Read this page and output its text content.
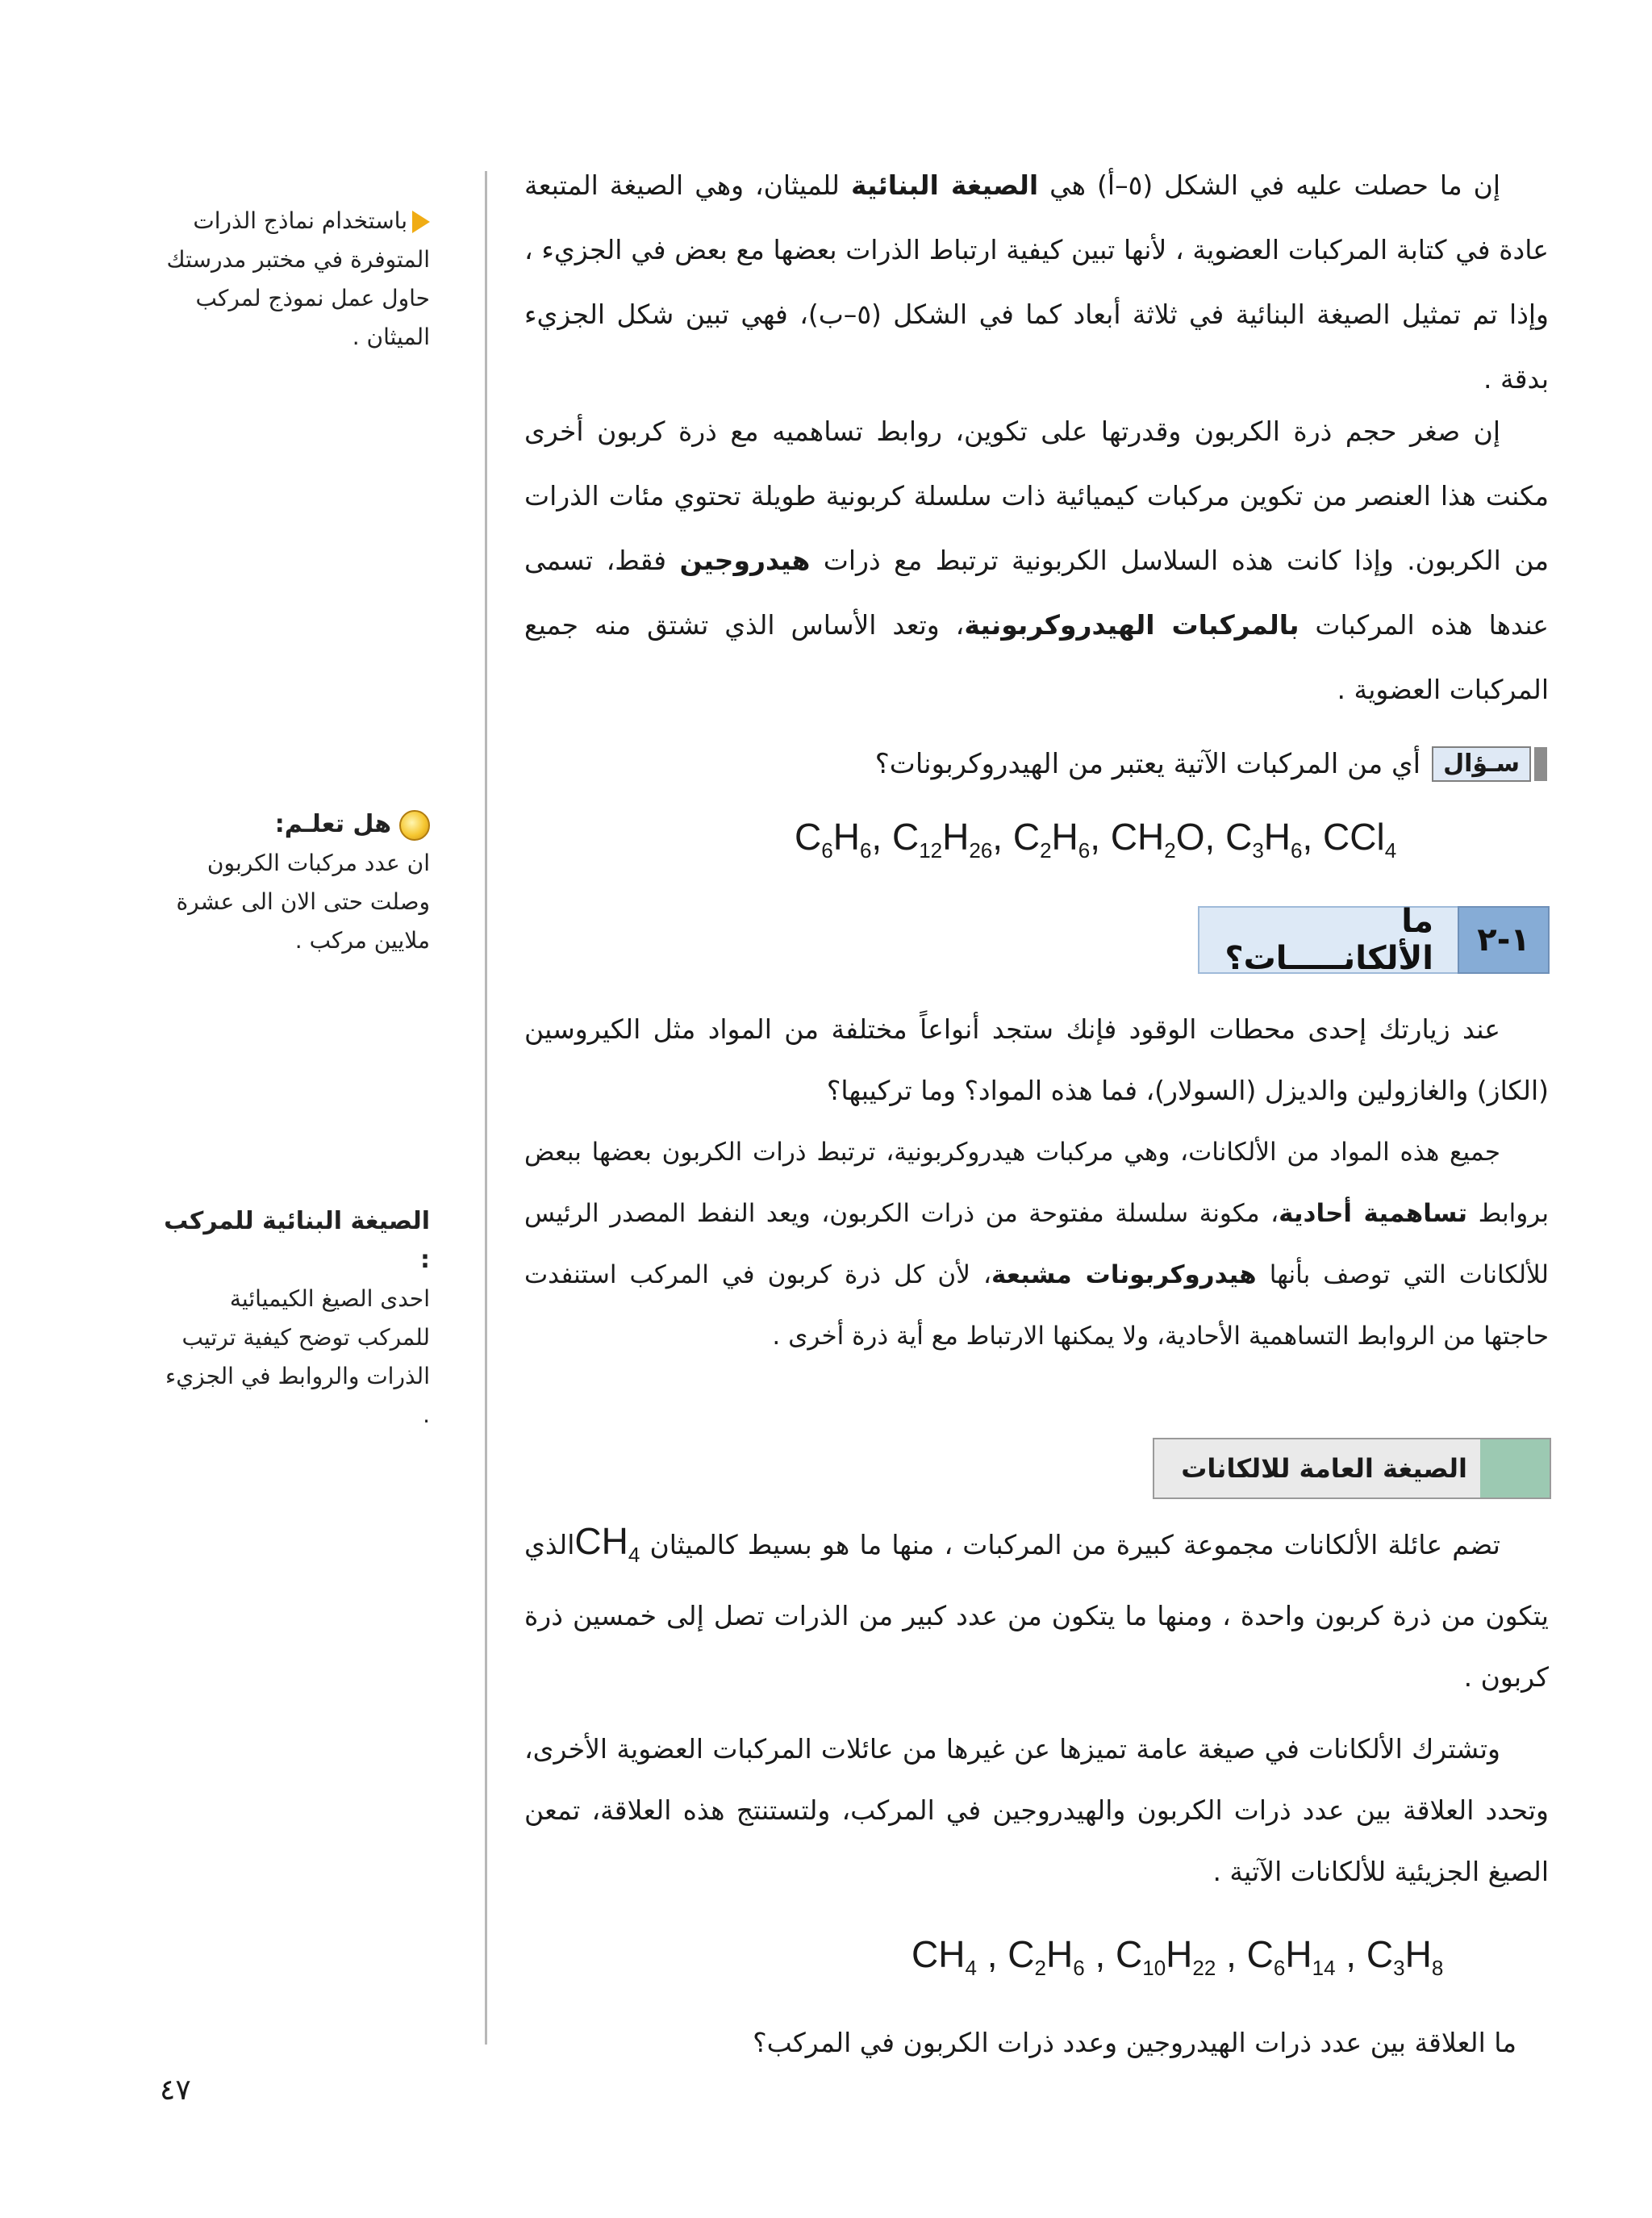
باستخدام نماذج الذرات المتوفرة في مختبر مدرستك حاول عمل نموذج لمركب الميثان .
هل تعلـم:
ان عدد مركبات الكربون وصلت حتى الان الى عشرة ملايين مركب .
الصيغة البنائية للمركب :
احدى الصيغ الكيميائية للمركب توضح كيفية ترتيب الذرات والروابط في الجزيء .

إن ما حصلت عليه في الشكل (٥–أ) هي الصيغة البنائية للميثان، وهي الصيغة المتبعة عادة في كتابة المركبات العضوية ، لأنها تبين كيفية ارتباط الذرات بعضها مع بعض في الجزيء ، وإذا تم تمثيل الصيغة البنائية في ثلاثة أبعاد كما في الشكل (٥–ب)، فهي تبين شكل الجزيء بدقة .

إن صغر حجم ذرة الكربون وقدرتها على تكوين، روابط تساهميه مع ذرة كربون أخرى مكنت هذا العنصر من تكوين مركبات كيميائية ذات سلسلة كربونية طويلة تحتوي مئات الذرات من الكربون. وإذا كانت هذه السلاسل الكربونية ترتبط مع ذرات هيدروجين فقط، تسمى عندها هذه المركبات بالمركبات الهيدروكربونية، وتعد الأساس الذي تشتق منه جميع المركبات العضوية .

سـؤال
أي من المركبات الآتية يعتبر من الهيدروكربونات؟
$C_6H_6$, $C_{12}H_{26}$, $C_2H_6$, $CH_2O$, $C_3H_6$, CCl$_4$
١-٢
ما الألكانـــــات؟

عند زيارتك إحدى محطات الوقود فإنك ستجد أنواعاً مختلفة من المواد مثل الكيروسين (الكاز) والغازولين والديزل (السولار)، فما هذه المواد؟ وما تركيبها؟

جميع هذه المواد من الألكانات، وهي مركبات هيدروكربونية، ترتبط ذرات الكربون بعضها ببعض بروابط تساهمية أحادية، مكونة سلسلة مفتوحة من ذرات الكربون، ويعد النفط المصدر الرئيس للألكانات التي توصف بأنها هيدروكربونات مشبعة، لأن كل ذرة كربون في المركب استنفدت حاجتها من الروابط التساهمية الأحادية، ولا يمكنها الارتباط مع أية ذرة أخرى .

الصيغة العامة للالكانات

تضم عائلة الألكانات مجموعة كبيرة من المركبات ، منها ما هو بسيط كالميثان $CH_4الذي$ يتكون من ذرة كربون واحدة ، ومنها ما يتكون من عدد كبير من الذرات تصل إلى خمسين ذرة كربون .

وتشترك الألكانات في صيغة عامة تميزها عن غيرها من عائلات المركبات العضوية الأخرى، وتحدد العلاقة بين عدد ذرات الكربون والهيدروجين في المركب، ولتستنتج هذه العلاقة، تمعن الصيغ الجزيئية للألكانات الآتية .

$CH_4$ , $C_2H_6$ , $C_{10}H_{22}$ , $C_6H_{14}$ , $C_3H_8$

ما العلاقة بين عدد ذرات الهيدروجين وعدد ذرات الكربون في المركب؟

٤٧
